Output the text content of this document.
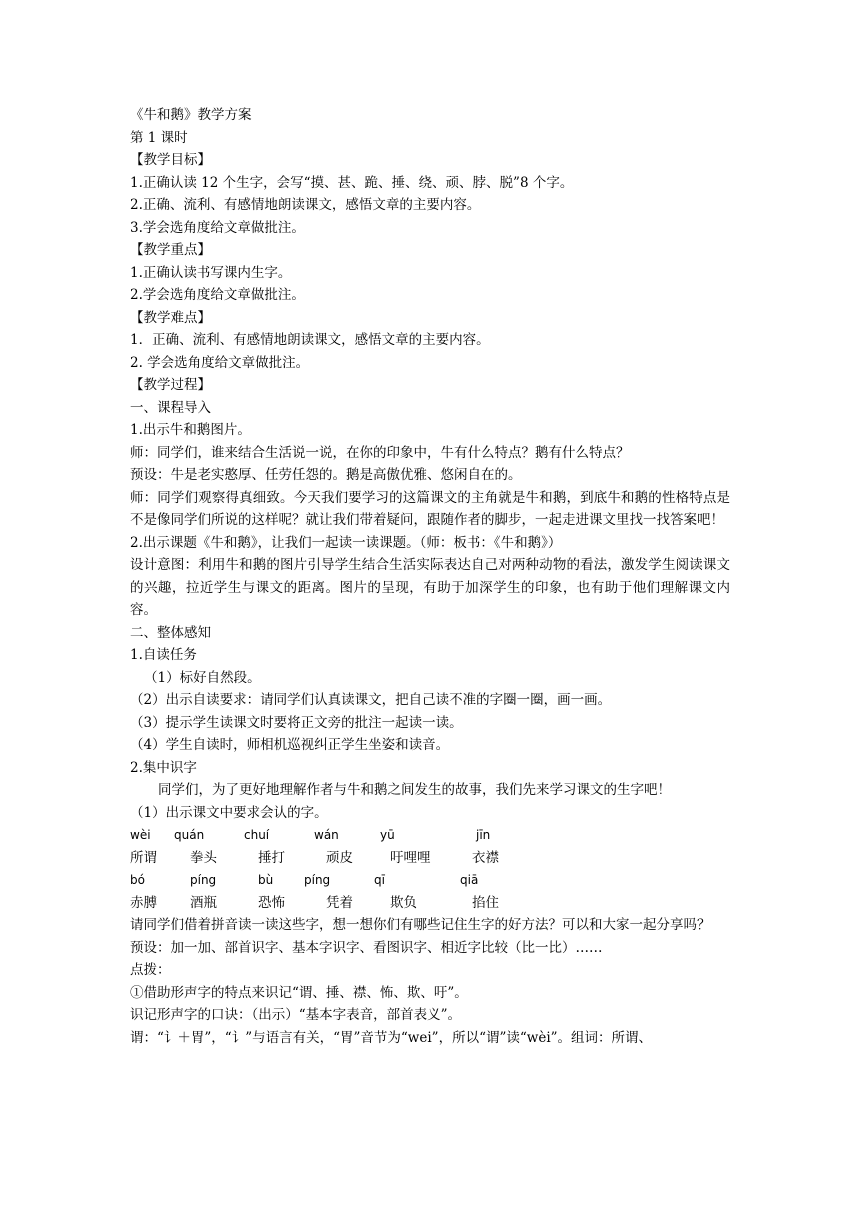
《牛和鹅》教学方案
第 1 课时
【教学目标】
1.正确认读 12 个生字，会写“摸、甚、跪、捶、绕、顽、脖、脱”8 个字。
2.正确、流利、有感情地朗读课文，感悟文章的主要内容。
3.学会选角度给文章做批注。
【教学重点】
1.正确认读书写课内生字。
2.学会选角度给文章做批注。
【教学难点】
1．正确、流利、有感情地朗读课文，感悟文章的主要内容。
2. 学会选角度给文章做批注。
【教学过程】
一、课程导入
1.出示牛和鹅图片。
师：同学们，谁来结合生活说一说，在你的印象中，牛有什么特点？鹅有什么特点？
预设：牛是老实憨厚、任劳任怨的。鹅是高傲优雅、悠闲自在的。
师：同学们观察得真细致。今天我们要学习的这篇课文的主角就是牛和鹅，到底牛和鹅的性格特点是不是像同学们所说的这样呢？就让我们带着疑问，跟随作者的脚步，一起走进课文里找一找答案吧！
2.出示课题《牛和鹅》，让我们一起读一读课题。（师：板书：《牛和鹅》）
设计意图：利用牛和鹅的图片引导学生结合生活实际表达自己对两种动物的看法，激发学生阅读课文的兴趣，拉近学生与课文的距离。图片的呈现，有助于加深学生的印象，也有助于他们理解课文内容。
二、整体感知
1.自读任务
（1）标好自然段。
（2）出示自读要求：请同学们认真读课文，把自己读不准的字圈一圈，画一画。
（3）提示学生读课文时要将正文旁的批注一起读一读。
（4）学生自读时，师相机巡视纠正学生坐姿和读音。
2.集中识字
同学们，为了更好地理解作者与牛和鹅之间发生的故事，我们先来学习课文的生字吧！
（1）出示课文中要求会认的字。
wèi quán	chuí	wán	yū	jīn
所谓 拳头	捶打	顽皮	吁哩哩	衣襟
bó	píng	bù	píng	qī	qiā
赤膊 酒瓶	恐怖	凭着	欺负	掐住
请同学们借着拼音读一读这些字，想一想你们有哪些记住生字的好方法？可以和大家一起分享吗？
预设：加一加、部首识字、基本字识字、看图识字、相近字比较（比一比）……
点拨：
①借助形声字的特点来识记“谓、捶、襟、怖、欺、吁”。
识记形声字的口诀：（出示）“基本字表音，部首表义”。
谓：“讠＋胃”，“讠”与语言有关，“胃”音节为“wei”，所以“谓”读“wèi”。组词：所谓、
